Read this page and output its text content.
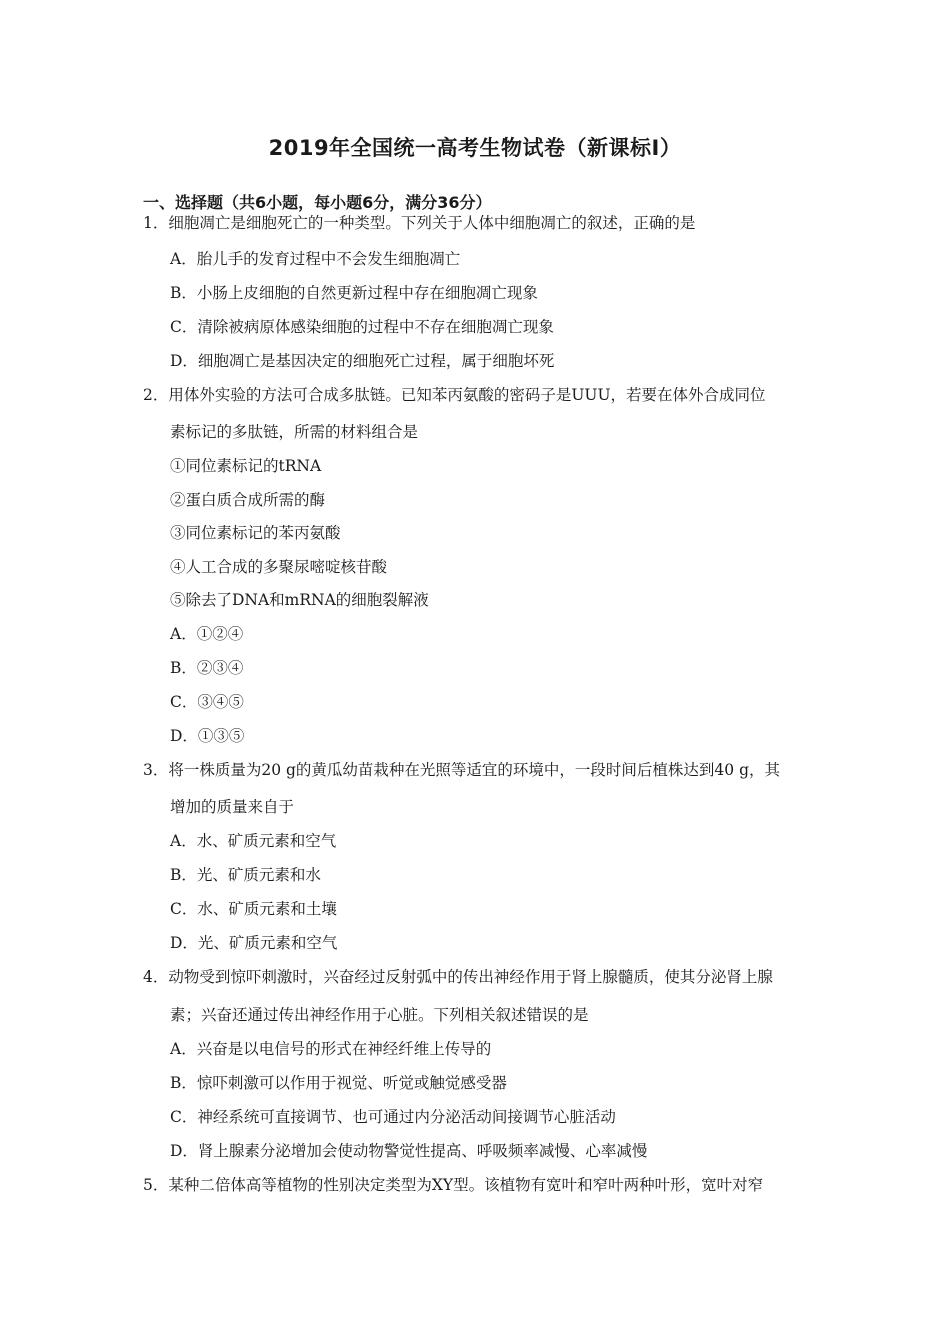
2019年全国统一高考生物试卷（新课标Ⅰ）
一、选择题（共6小题，每小题6分，满分36分）
1．细胞凋亡是细胞死亡的一种类型。下列关于人体中细胞凋亡的叙述，正确的是
A．胎儿手的发育过程中不会发生细胞凋亡
B．小肠上皮细胞的自然更新过程中存在细胞凋亡现象
C．清除被病原体感染细胞的过程中不存在细胞凋亡现象
D．细胞凋亡是基因决定的细胞死亡过程，属于细胞坏死
2．用体外实验的方法可合成多肽链。已知苯丙氨酸的密码子是UUU，若要在体外合成同位
素标记的多肽链，所需的材料组合是
①同位素标记的tRNA
②蛋白质合成所需的酶
③同位素标记的苯丙氨酸
④人工合成的多聚尿嘧啶核苷酸
⑤除去了DNA和mRNA的细胞裂解液
A．①②④
B．②③④
C．③④⑤
D．①③⑤
3．将一株质量为20 g的黄瓜幼苗栽种在光照等适宜的环境中，一段时间后植株达到40 g，其
增加的质量来自于
A．水、矿质元素和空气
B．光、矿质元素和水
C．水、矿质元素和土壤
D．光、矿质元素和空气
4．动物受到惊吓刺激时，兴奋经过反射弧中的传出神经作用于肾上腺髓质，使其分泌肾上腺
素；兴奋还通过传出神经作用于心脏。下列相关叙述错误的是
A．兴奋是以电信号的形式在神经纤维上传导的
B．惊吓刺激可以作用于视觉、听觉或触觉感受器
C．神经系统可直接调节、也可通过内分泌活动间接调节心脏活动
D．肾上腺素分泌增加会使动物警觉性提高、呼吸频率减慢、心率减慢
5．某种二倍体高等植物的性别决定类型为XY型。该植物有宽叶和窄叶两种叶形，宽叶对窄
